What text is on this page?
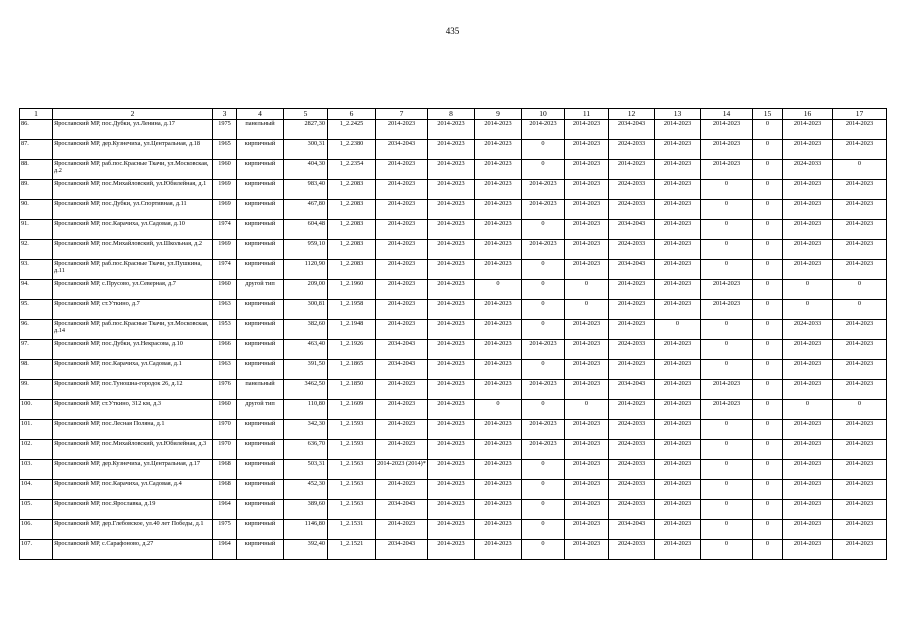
435
1	2	3	4	5	6	7	8	9	10	11	12	13	14	15	16	17
86.	Ярославский МР, пос.Дубки, ул.Ленина, д.17	1975	панельный	2827,30	1_2.2425	2014-2023	2014-2023	2014-2023	2014-2023	2014-2023	2034-2043	2014-2023	2014-2023	0	2014-2023	2014-2023
87.	Ярославский МР, дер.Кузнечиха, ул.Центральная, д.18	1965	кирпичный	300,31	1_2.2380	2034-2043	2014-2023	2014-2023	0	2014-2023	2024-2033	2014-2023	2014-2023	0	2014-2023	2014-2023
88.	Ярославский МР, раб.пос.Красные Ткачи, ул.Московская, д.2	1960	кирпичный	404,30	1_2.2354	2014-2023	2014-2023	2014-2023	0	2014-2023	2014-2023	2014-2023	2014-2023	0	2024-2033	0
89.	Ярославский МР, пос.Михайловский, ул.Юбилейная, д.1	1969	кирпичный	983,40	1_2.2083	2014-2023	2014-2023	2014-2023	2014-2023	2014-2023	2024-2033	2014-2023	0	0	2014-2023	2014-2023
90.	Ярославский МР, пос.Дубки, ул.Спортивная, д.11	1969	кирпичный	467,80	1_2.2083	2014-2023	2014-2023	2014-2023	2014-2023	2014-2023	2024-2033	2014-2023	0	0	2014-2023	2014-2023
91.	Ярославский МР, пос.Карачиха, ул.Садовая, д.10	1974	кирпичный	604,48	1_2.2083	2014-2023	2014-2023	2014-2023	0	2014-2023	2034-2043	2014-2023	0	0	2014-2023	2014-2023
92.	Ярославский МР, пос.Михайловский, ул.Школьная, д.2	1969	кирпичный	959,10	1_2.2083	2014-2023	2014-2023	2014-2023	2014-2023	2014-2023	2024-2033	2014-2023	0	0	2014-2023	2014-2023
93.	Ярославский МР, раб.пос.Красные Ткачи, ул.Пушкина, д.11	1974	кирпичный	1120,90	1_2.2083	2014-2023	2014-2023	2014-2023	0	2014-2023	2034-2043	2014-2023	0	0	2014-2023	2014-2023
94.	Ярославский МР, с.Прусово, ул.Северная, д.7	1960	другой тип	209,00	1_2.1960	2014-2023	2014-2023	0	0	0	2014-2023	2014-2023	2014-2023	0	0	0
95.	Ярославский МР, ст.Уткино, д.7	1963	кирпичный	300,81	1_2.1958	2014-2023	2014-2023	2014-2023	0	0	2014-2023	2014-2023	2014-2023	0	0	0
96.	Ярославский МР, раб.пос.Красные Ткачи, ул.Московская, д.14	1953	кирпичный	382,60	1_2.1948	2014-2023	2014-2023	2014-2023	0	2014-2023	2014-2023	0	0	0	2024-2033	2014-2023
97.	Ярославский МР, пос.Дубки, ул.Некрасова, д.10	1966	кирпичный	463,40	1_2.1926	2034-2043	2014-2023	2014-2023	2014-2023	2014-2023	2024-2033	2014-2023	0	0	2014-2023	2014-2023
98.	Ярославский МР, пос.Карачиха, ул.Садовая, д.1	1963	кирпичный	391,50	1_2.1865	2034-2043	2014-2023	2014-2023	0	2014-2023	2014-2023	2014-2023	0	0	2014-2023	2014-2023
99.	Ярославский МР, пос.Туношна-городок 26, д.12	1976	панельный	3462,50	1_2.1850	2014-2023	2014-2023	2014-2023	2014-2023	2014-2023	2034-2043	2014-2023	2014-2023	0	2014-2023	2014-2023
100.	Ярославский МР, ст.Уткино, 312 км, д.3	1960	другой тип	110,80	1_2.1609	2014-2023	2014-2023	0	0	0	2014-2023	2014-2023	2014-2023	0	0	0
101.	Ярославский МР, пос.Лесная Поляна, д.1	1970	кирпичный	342,30	1_2.1593	2014-2023	2014-2023	2014-2023	2014-2023	2014-2023	2024-2033	2014-2023	0	0	2014-2023	2014-2023
102.	Ярославский МР, пос.Михайловский, ул.Юбилейная, д.3	1970	кирпичный	636,70	1_2.1593	2014-2023	2014-2023	2014-2023	2014-2023	2014-2023	2024-2033	2014-2023	0	0	2014-2023	2014-2023
103.	Ярославский МР, дер.Кузнечиха, ул.Центральная, д.17	1968	кирпичный	503,31	1_2.1563	2014-2023 (2014)*	2014-2023	2014-2023	0	2014-2023	2024-2033	2014-2023	0	0	2014-2023	2014-2023
104.	Ярославский МР, пос.Карачиха, ул.Садовая, д.4	1968	кирпичный	452,30	1_2.1563	2014-2023	2014-2023	2014-2023	0	2014-2023	2024-2033	2014-2023	0	0	2014-2023	2014-2023
105.	Ярославский МР, пос.Ярославка, д.19	1964	кирпичный	389,60	1_2.1563	2034-2043	2014-2023	2014-2023	0	2014-2023	2024-2033	2014-2023	0	0	2014-2023	2014-2023
106.	Ярославский МР, дер.Глебовское, ул.40 лет Победы, д.1	1975	кирпичный	1146,80	1_2.1531	2014-2023	2014-2023	2014-2023	0	2014-2023	2034-2043	2014-2023	0	0	2014-2023	2014-2023
107.	Ярославский МР, с.Сарафоново, д.27	1964	кирпичный	392,40	1_2.1521	2034-2043	2014-2023	2014-2023	0	2014-2023	2024-2033	2014-2023	0	0	2014-2023	2014-2023
